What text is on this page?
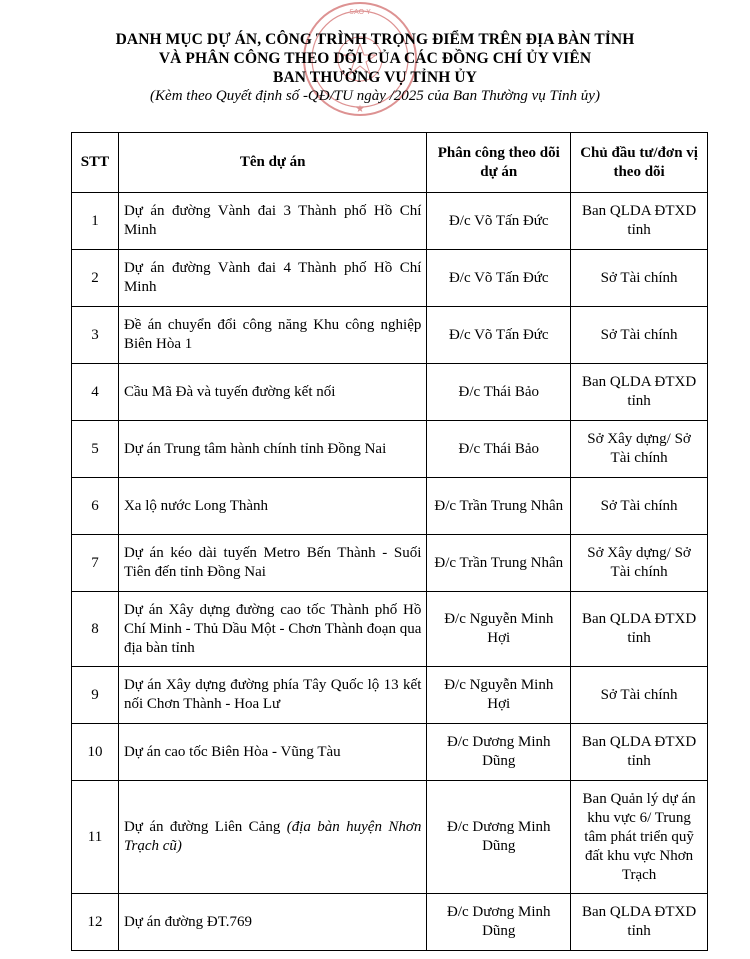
SAO Y
★
DANH MỤC DỰ ÁN, CÔNG TRÌNH TRỌNG ĐIỂM TRÊN ĐỊA BÀN TỈNH
VÀ PHÂN CÔNG THEO DÕI CỦA CÁC ĐỒNG CHÍ ỦY VIÊN
BAN THƯỜNG VỤ TỈNH ỦY
(Kèm theo Quyết định số -QĐ/TU ngày /2025 của Ban Thường vụ Tỉnh ủy)
STT	Tên dự án	Phân công theo dõi dự án	Chủ đầu tư/đơn vị theo dõi
1	Dự án đường Vành đai 3 Thành phố Hồ Chí Minh	Đ/c Võ Tấn Đức	Ban QLDA ĐTXD tỉnh
2	Dự án đường Vành đai 4 Thành phố Hồ Chí Minh	Đ/c Võ Tấn Đức	Sở Tài chính
3	Đề án chuyển đổi công năng Khu công nghiệp Biên Hòa 1	Đ/c Võ Tấn Đức	Sở Tài chính
4	Cầu Mã Đà và tuyến đường kết nối	Đ/c Thái Bảo	Ban QLDA ĐTXD tỉnh
5	Dự án Trung tâm hành chính tỉnh Đồng Nai	Đ/c Thái Bảo	Sở Xây dựng/ Sở Tài chính
6	Xa lộ nước Long Thành	Đ/c Trần Trung Nhân	Sở Tài chính
7	Dự án kéo dài tuyến Metro Bến Thành - Suối Tiên đến tỉnh Đồng Nai	Đ/c Trần Trung Nhân	Sở Xây dựng/ Sở Tài chính
8	Dự án Xây dựng đường cao tốc Thành phố Hồ Chí Minh - Thủ Dầu Một - Chơn Thành đoạn qua địa bàn tỉnh	Đ/c Nguyễn Minh Hợi	Ban QLDA ĐTXD tỉnh
9	Dự án Xây dựng đường phía Tây Quốc lộ 13 kết nối Chơn Thành - Hoa Lư	Đ/c Nguyễn Minh Hợi	Sở Tài chính
10	Dự án cao tốc Biên Hòa - Vũng Tàu	Đ/c Dương Minh Dũng	Ban QLDA ĐTXD tỉnh
11	Dự án đường Liên Cảng (địa bàn huyện Nhơn Trạch cũ)	Đ/c Dương Minh Dũng	Ban Quản lý dự án khu vực 6/ Trung tâm phát triển quỹ đất khu vực Nhơn Trạch
12	Dự án đường ĐT.769	Đ/c Dương Minh Dũng	Ban QLDA ĐTXD tỉnh
